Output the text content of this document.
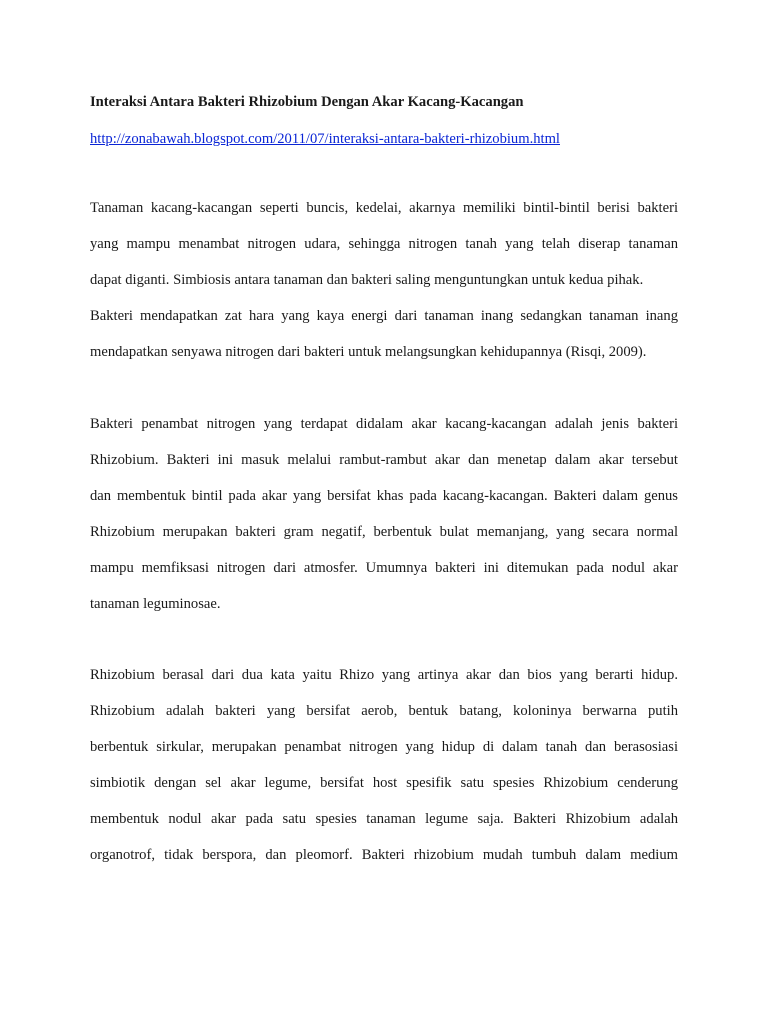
Interaksi Antara Bakteri Rhizobium Dengan Akar Kacang-Kacangan
http://zonabawah.blogspot.com/2011/07/interaksi-antara-bakteri-rhizobium.html
Tanaman kacang-kacangan seperti buncis, kedelai, akarnya memiliki bintil-bintil berisi bakteri
yang mampu menambat nitrogen udara, sehingga nitrogen tanah yang telah diserap tanaman
dapat diganti. Simbiosis antara tanaman dan bakteri saling menguntungkan untuk kedua pihak.
Bakteri mendapatkan zat hara yang kaya energi dari tanaman inang sedangkan tanaman inang
mendapatkan senyawa nitrogen dari bakteri untuk melangsungkan kehidupannya (Risqi, 2009).
Bakteri penambat nitrogen yang terdapat didalam akar kacang-kacangan adalah jenis bakteri
Rhizobium. Bakteri ini masuk melalui rambut-rambut akar dan menetap dalam akar tersebut
dan membentuk bintil pada akar yang bersifat khas pada kacang-kacangan. Bakteri dalam genus
Rhizobium merupakan bakteri gram negatif, berbentuk bulat memanjang, yang secara normal
mampu memfiksasi nitrogen dari atmosfer. Umumnya bakteri ini ditemukan pada nodul akar
tanaman leguminosae.
Rhizobium berasal dari dua kata yaitu Rhizo yang artinya akar dan bios yang berarti hidup.
Rhizobium adalah bakteri yang bersifat aerob, bentuk batang, koloninya berwarna putih
berbentuk sirkular, merupakan penambat nitrogen yang hidup di dalam tanah dan berasosiasi
simbiotik dengan sel akar legume, bersifat host spesifik satu spesies Rhizobium cenderung
membentuk nodul akar pada satu spesies tanaman legume saja. Bakteri Rhizobium adalah
organotrof, tidak berspora, dan pleomorf. Bakteri rhizobium mudah tumbuh dalam medium
